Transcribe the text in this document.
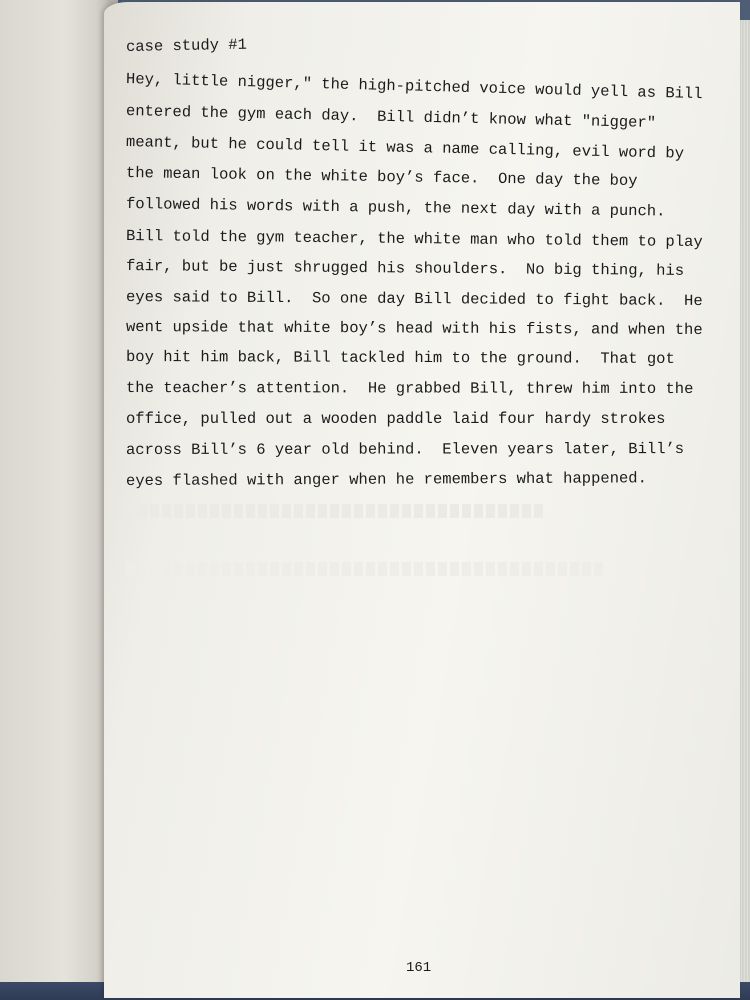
case study #1

Hey, little nigger," the high-pitched voice would yell as Bill

entered the gym each day.  Bill didn’t know what "nigger"

meant, but he could tell it was a name calling, evil word by

the mean look on the white boy’s face.  One day the boy

followed his words with a push, the next day with a punch.

Bill told the gym teacher, the white man who told them to play

fair, but be just shrugged his shoulders.  No big thing, his

eyes said to Bill.  So one day Bill decided to fight back.  He

went upside that white boy’s head with his fists, and when the

boy hit him back, Bill tackled him to the ground.  That got

the teacher’s attention.  He grabbed Bill, threw him into the

office, pulled out a wooden paddle laid four hardy strokes

across Bill’s 6 year old behind.  Eleven years later, Bill’s

eyes flashed with anger when he remembers what happened.

161
